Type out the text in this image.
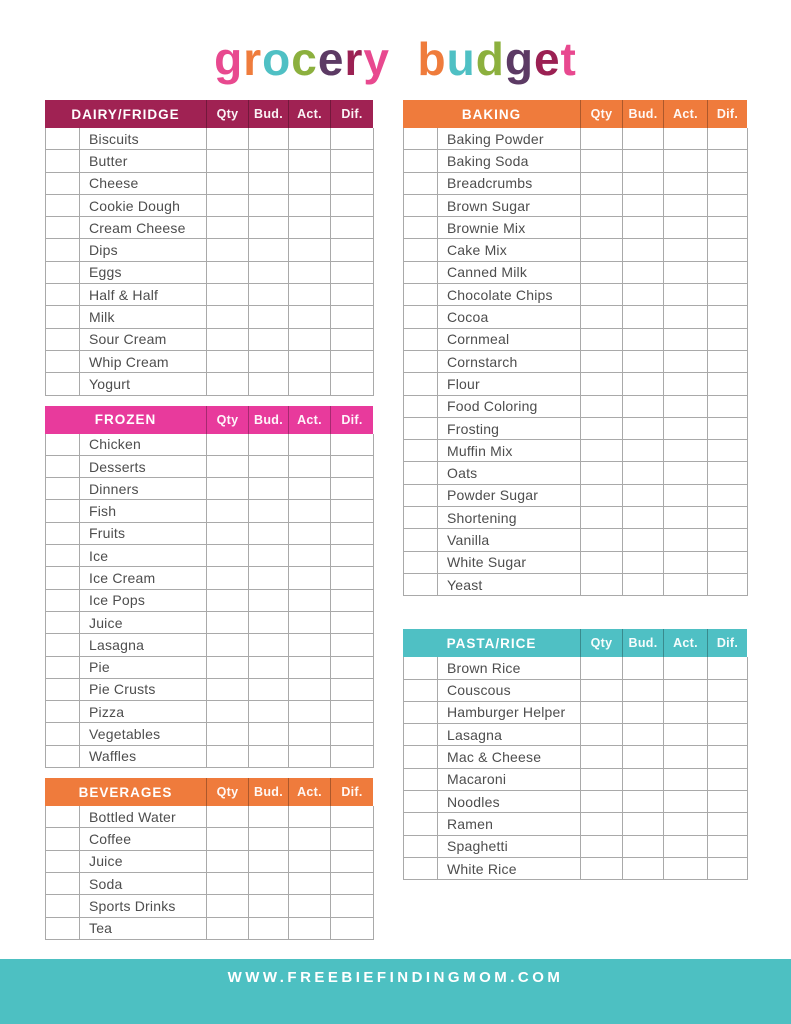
grocery budget
DAIRY/FRIDGE	Qty	Bud.	Act.	Dif.
Biscuits
Butter
Cheese
Cookie Dough
Cream Cheese
Dips
Eggs
Half & Half
Milk
Sour Cream
Whip Cream
Yogurt
FROZEN	Qty	Bud.	Act.	Dif.
Chicken
Desserts
Dinners
Fish
Fruits
Ice
Ice Cream
Ice Pops
Juice
Lasagna
Pie
Pie Crusts
Pizza
Vegetables
Waffles
BEVERAGES	Qty	Bud.	Act.	Dif.
Bottled Water
Coffee
Juice
Soda
Sports Drinks
Tea
BAKING	Qty	Bud.	Act.	Dif.
Baking Powder
Baking Soda
Breadcrumbs
Brown Sugar
Brownie Mix
Cake Mix
Canned Milk
Chocolate Chips
Cocoa
Cornmeal
Cornstarch
Flour
Food Coloring
Frosting
Muffin Mix
Oats
Powder Sugar
Shortening
Vanilla
White Sugar
Yeast
PASTA/RICE	Qty	Bud.	Act.	Dif.
Brown Rice
Couscous
Hamburger Helper
Lasagna
Mac & Cheese
Macaroni
Noodles
Ramen
Spaghetti
White Rice
WWW.FREEBIEFINDINGMOM.COM
